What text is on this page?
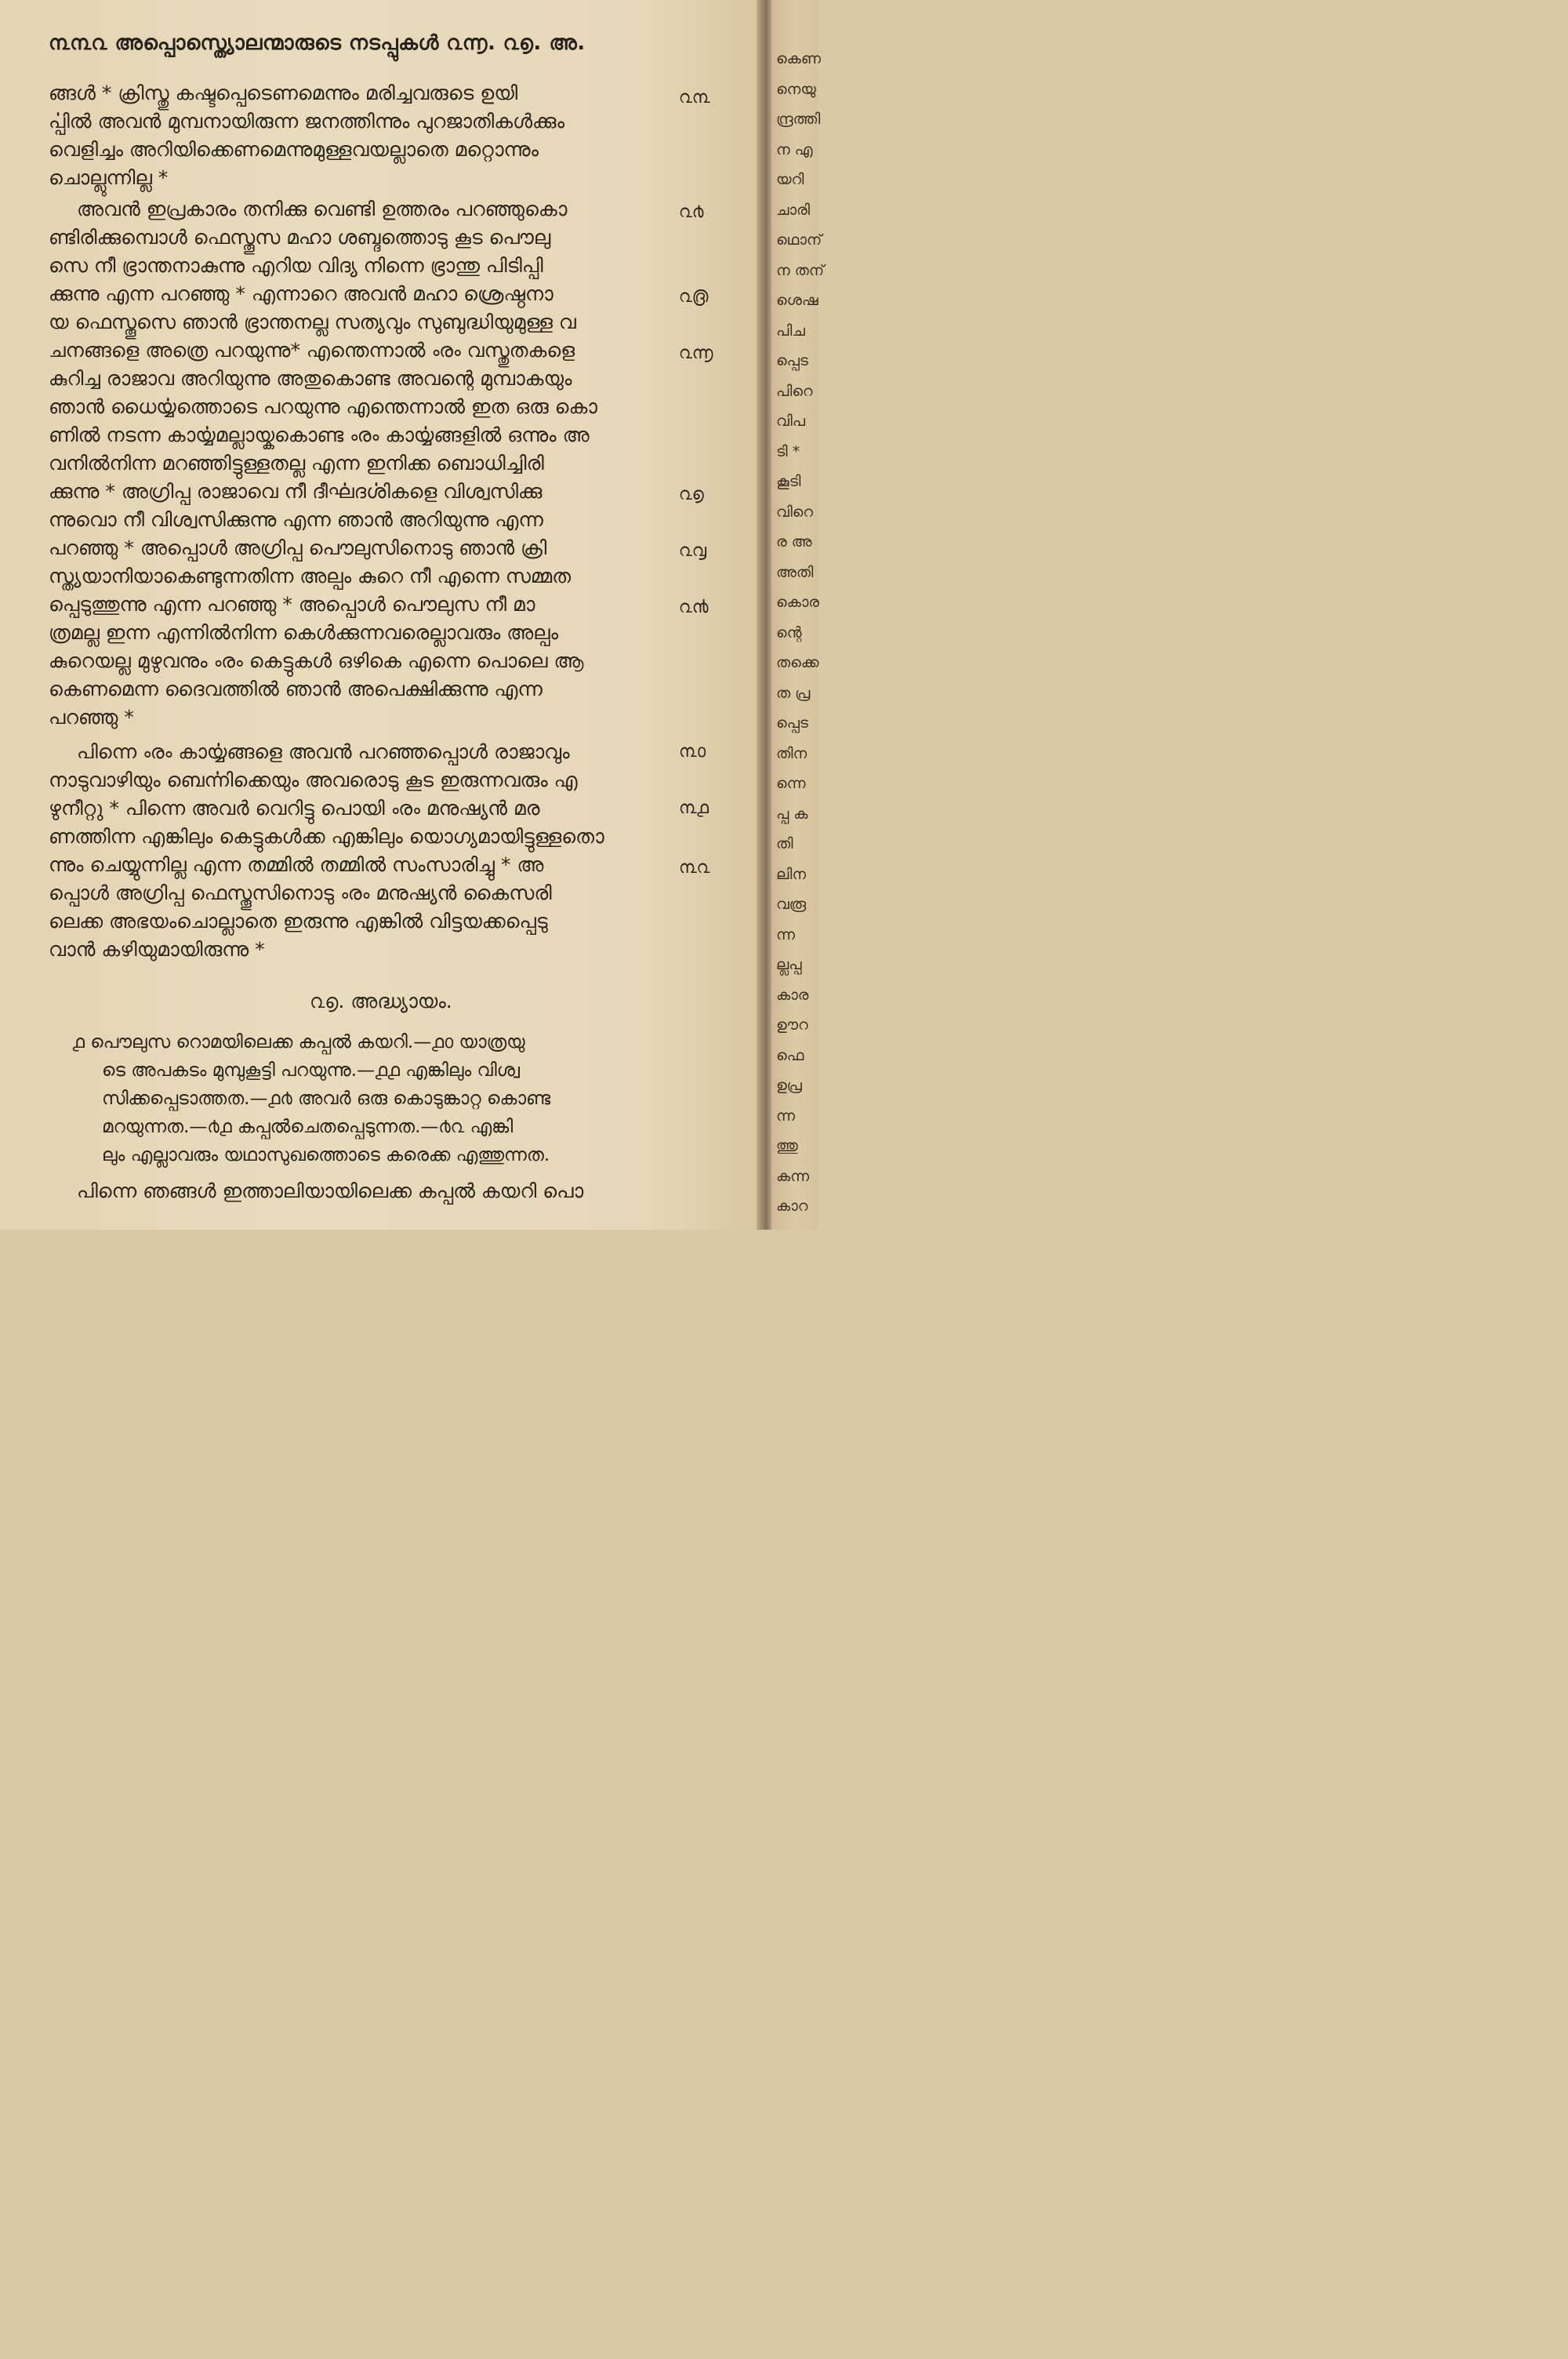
൩൩൨ അപ്പൊസ്ത്യൊലന്മാരുടെ നടപ്പുകൾ ൨൬. ൨൭. അ.
ങ്ങൾ * ക്രിസ്തു കഷ്ടപ്പെടെണമെന്നും മരിച്ചവരുടെ ഉയി
ൎപ്പിൽ അവൻ മുമ്പനായിരുന്ന ജനത്തിന്നും പുറജാതികൾക്കും
വെളിച്ചം അറിയിക്കെണമെന്നുമുള്ളവയല്ലാതെ മറ്റൊന്നും
ചൊല്ലുന്നില്ല *
അവൻ ഇപ്രകാരം തനിക്കു വെണ്ടി ഉത്തരം പറഞ്ഞുകൊ
ണ്ടിരിക്കുമ്പൊൾ ഫെസ്തൂസ മഹാ ശബ്ദത്തൊടു കൂട പൌലു
സെ നീ ഭ്രാന്തനാകുന്നു എറിയ വിദ്യ നിന്നെ ഭ്രാന്തു പിടിപ്പി
ക്കുന്നു എന്ന പറഞ്ഞു * എന്നാറെ അവൻ മഹാ ശ്രെഷ്ഠനാ
യ ഫെസ്തൂസെ ഞാൻ ഭ്രാന്തനല്ല സത്യവും സുബുദ്ധിയുമുള്ള വ
ചനങ്ങളെ അത്രെ പറയുന്നു* എന്തെന്നാൽ ൟ വസ്തുതകളെ
കുറിച്ച രാജാവ അറിയുന്നു അതുകൊണ്ട അവന്റെ മുമ്പാകയും
ഞാൻ ധൈൎയ്യത്തൊടെ പറയുന്നു എന്തെന്നാൽ ഇത ഒരു കൊ
ണിൽ നടന്ന കാൎയ്യമല്ലായ്കകൊണ്ട ൟ കാൎയ്യങ്ങളിൽ ഒന്നും അ
വനിൽനിന്ന മറഞ്ഞിട്ടുള്ളതല്ല എന്ന ഇനിക്ക ബൊധിച്ചിരി
ക്കുന്നു * അഗ്രിപ്പ രാജാവെ നീ ദീൎഘദൎശികളെ വിശ്വസിക്കു
ന്നുവൊ നീ വിശ്വസിക്കുന്നു എന്ന ഞാൻ അറിയുന്നു എന്ന
പറഞ്ഞു * അപ്പൊൾ അഗ്രിപ്പ പൌലുസിനൊടു ഞാൻ ക്രി
സ്ത്യയാനിയാകെണ്ടുന്നതിന്ന അല്പം കുറെ നീ എന്നെ സമ്മത
പ്പെടുത്തുന്നു എന്ന പറഞ്ഞു * അപ്പൊൾ പൌലുസ നീ മാ
ത്രമല്ല ഇന്ന എന്നിൽനിന്ന കെൾക്കുന്നവരെല്ലാവരും അല്പം
കുറെയല്ല മുഴുവനും ൟ കെട്ടുകൾ ഒഴികെ എന്നെ പൊലെ ആ
കെണമെന്ന ദൈവത്തിൽ ഞാൻ അപെക്ഷിക്കുന്നു എന്ന
പറഞ്ഞു *
പിന്നെ ൟ കാൎയ്യങ്ങളെ അവൻ പറഞ്ഞപ്പൊൾ രാജാവും
നാടുവാഴിയും ബെൎന്നിക്കെയും അവരൊടു കൂട ഇരുന്നവരും എ
ഴുനീറ്റു * പിന്നെ അവർ വെറിട്ടു പൊയി ൟ മനുഷ്യൻ മര
ണത്തിന്ന എങ്കിലും കെട്ടുകൾക്ക എങ്കിലും യൊഗ്യമായിട്ടുള്ളതൊ
ന്നും ചെയ്യുന്നില്ല എന്ന തമ്മിൽ തമ്മിൽ സംസാരിച്ചു * അ
പ്പൊൾ അഗ്രിപ്പ ഫെസ്തൂസിനൊടു ൟ മനുഷ്യൻ കൈസരി
ലെക്ക അഭയംചൊല്ലാതെ ഇരുന്നു എങ്കിൽ വിട്ടയക്കപ്പെടു
വാൻ കഴിയുമായിരുന്നു *
൨൩
൨൪
൨൫
൨൬
൨൭
൨൮
൨൯
൩൦
൩൧
൩൨
൨൭. അദ്ധ്യായം.
൧ പൌലുസ റൊമയിലെക്ക കപ്പൽ കയറി.—൧൦ യാത്രയു
ടെ അപകടം മുമ്പുകൂട്ടി പറയുന്നു.—൧൧ എങ്കിലും വിശ്വ
സിക്കപ്പെടാത്തത.—൧൪ അവർ ഒരു കൊടുങ്കാറ്റ കൊണ്ട
മറയുന്നത.—൪൧ കപ്പൽചെതപ്പെടുന്നത.—൪൨ എങ്കി
ലും എല്ലാവരും യഥാസുഖത്തൊടെ കരെക്ക എത്തുന്നത.
പിന്നെ ഞങ്ങൾ ഇത്താലിയായിലെക്ക കപ്പൽ കയറി പൊ
കെണ
നെയു
ന്ദ്രത്തി
ന എ
യറി
ചാരി
ഥൊന്
ന തന്
ശെഷ
പിച
പ്പെട
പിറെ
വിപ
ടി *
കൂടി
വിറെ
ര അ
അതി
കൊര
ന്റെ
തക്കെ
ത പ്ര
പ്പെട
തിന
ന്നെ
പ്പ ക
തി
ലിന
വരൂ
ന്ന
ല്ലപ്പ
കാര
ഊറ
ഫെ
ഉപ്ര
ന്ന
ത്തു
കന്ന
കാറ
